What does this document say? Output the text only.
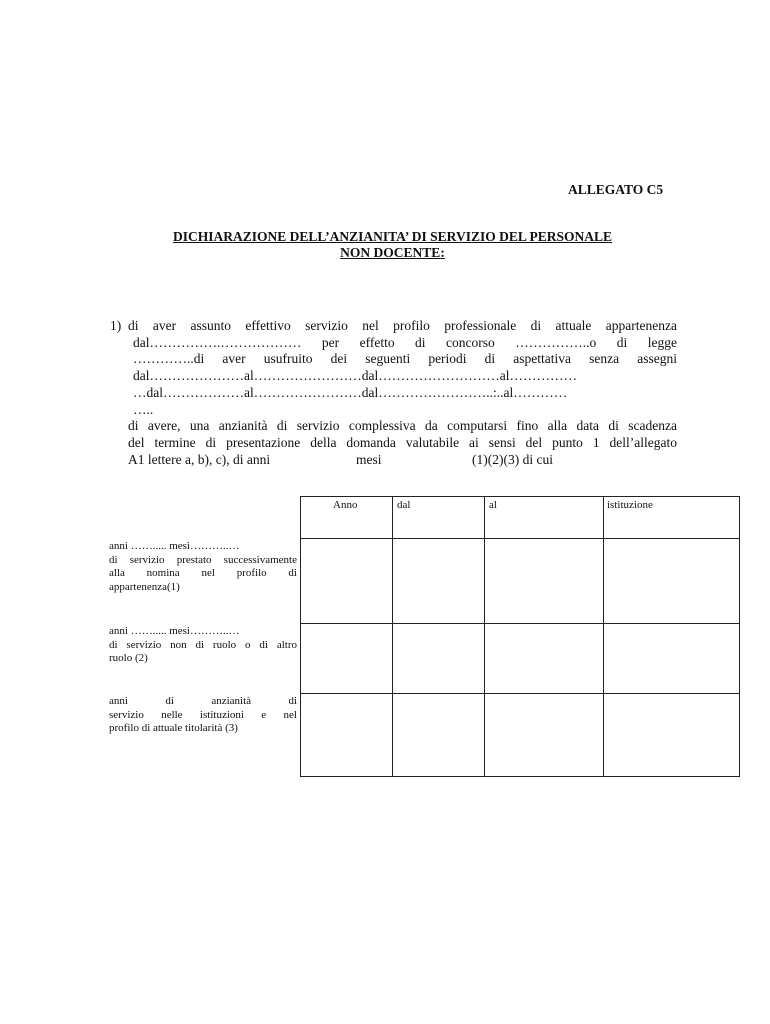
ALLEGATO C5
DICHIARAZIONE DELL’ANZIANITA’ DI SERVIZIO DEL PERSONALE
NON DOCENTE:
1) di aver assunto effettivo servizio nel profilo professionale di attuale appartenenza
dal…………….……………… per effetto di concorso ……………..o di legge
…………..di aver usufruito dei seguenti periodi di aspettativa senza assegni
dal…………………al……………………dal………………………al……………
…dal………………al……………………dal……………………..:..al…………
…..
di avere, una anzianità di servizio complessiva da computarsi fino alla data di scadenza
del termine di presentazione della domanda valutabile ai sensi del punto 1 dell’allegato
A1 lettere a, b), c), di anni	mesi	(1)(2)(3) di cui
Anno	dal	al	istituzione
anni ……..... mesi………..…
di servizio prestato successivamente
alla nomina nel profilo di
appartenenza(1)
anni ……..... mesi………..…
di servizio non di ruolo o di altro
ruolo (2)
anni di anzianità di
servizio nelle istituzioni e nel
profilo di attuale titolarità (3)
